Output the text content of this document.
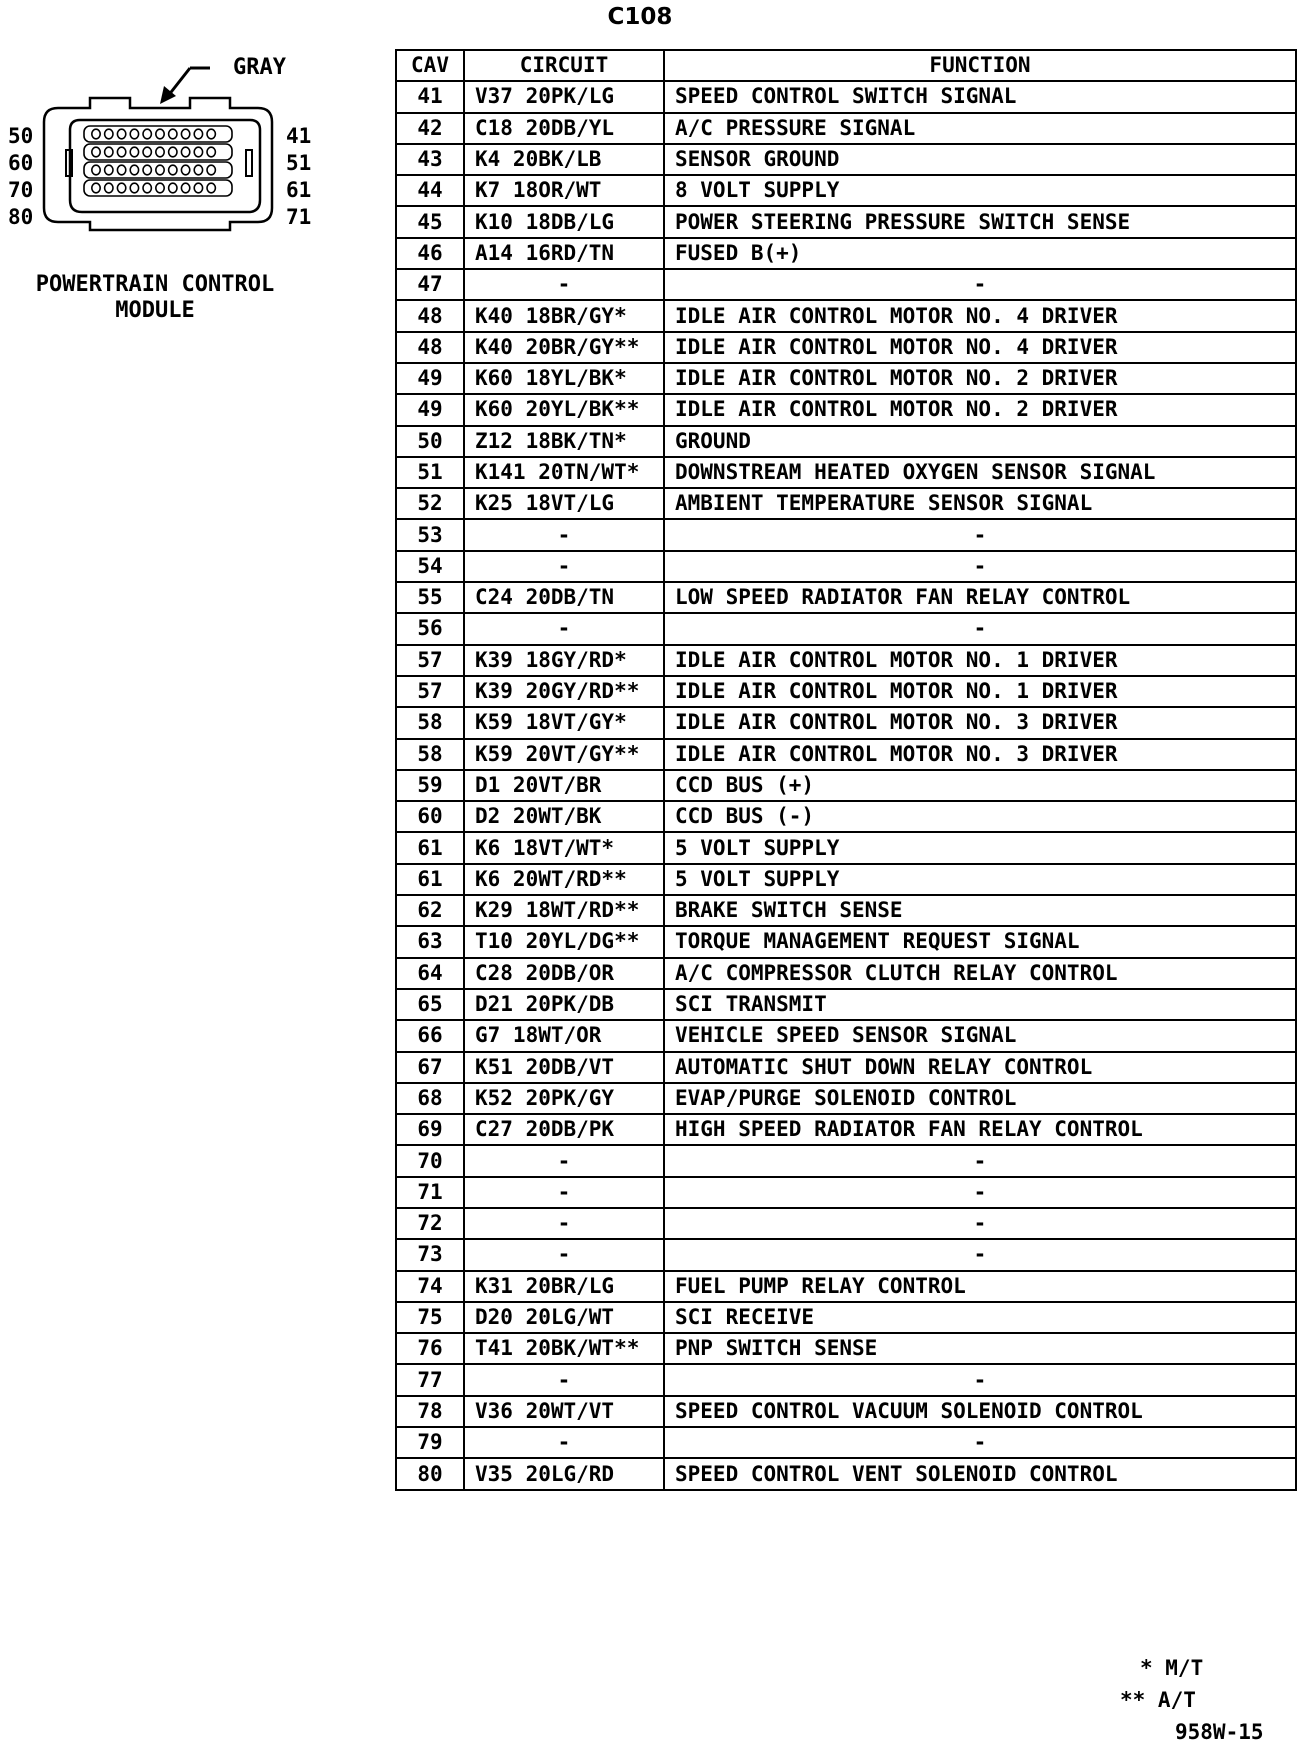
C108
GRAY
50
60
70
80
41
51
61
71
POWERTRAIN CONTROL
MODULE
CAV	CIRCUIT	FUNCTION
41	V37 20PK/LG	SPEED CONTROL SWITCH SIGNAL
42	C18 20DB/YL	A/C PRESSURE SIGNAL
43	K4 20BK/LB	SENSOR GROUND
44	K7 18OR/WT	8 VOLT SUPPLY
45	K10 18DB/LG	POWER STEERING PRESSURE SWITCH SENSE
46	A14 16RD/TN	FUSED B(+)
47	-	-
48	K40 18BR/GY*	IDLE AIR CONTROL MOTOR NO. 4 DRIVER
48	K40 20BR/GY**	IDLE AIR CONTROL MOTOR NO. 4 DRIVER
49	K60 18YL/BK*	IDLE AIR CONTROL MOTOR NO. 2 DRIVER
49	K60 20YL/BK**	IDLE AIR CONTROL MOTOR NO. 2 DRIVER
50	Z12 18BK/TN*	GROUND
51	K141 20TN/WT*	DOWNSTREAM HEATED OXYGEN SENSOR SIGNAL
52	K25 18VT/LG	AMBIENT TEMPERATURE SENSOR SIGNAL
53	-	-
54	-	-
55	C24 20DB/TN	LOW SPEED RADIATOR FAN RELAY CONTROL
56	-	-
57	K39 18GY/RD*	IDLE AIR CONTROL MOTOR NO. 1 DRIVER
57	K39 20GY/RD**	IDLE AIR CONTROL MOTOR NO. 1 DRIVER
58	K59 18VT/GY*	IDLE AIR CONTROL MOTOR NO. 3 DRIVER
58	K59 20VT/GY**	IDLE AIR CONTROL MOTOR NO. 3 DRIVER
59	D1 20VT/BR	CCD BUS (+)
60	D2 20WT/BK	CCD BUS (-)
61	K6 18VT/WT*	5 VOLT SUPPLY
61	K6 20WT/RD**	5 VOLT SUPPLY
62	K29 18WT/RD**	BRAKE SWITCH SENSE
63	T10 20YL/DG**	TORQUE MANAGEMENT REQUEST SIGNAL
64	C28 20DB/OR	A/C COMPRESSOR CLUTCH RELAY CONTROL
65	D21 20PK/DB	SCI TRANSMIT
66	G7 18WT/OR	VEHICLE SPEED SENSOR SIGNAL
67	K51 20DB/VT	AUTOMATIC SHUT DOWN RELAY CONTROL
68	K52 20PK/GY	EVAP/PURGE SOLENOID CONTROL
69	C27 20DB/PK	HIGH SPEED RADIATOR FAN RELAY CONTROL
70	-	-
71	-	-
72	-	-
73	-	-
74	K31 20BR/LG	FUEL PUMP RELAY CONTROL
75	D20 20LG/WT	SCI RECEIVE
76	T41 20BK/WT**	PNP SWITCH SENSE
77	-	-
78	V36 20WT/VT	SPEED CONTROL VACUUM SOLENOID CONTROL
79	-	-
80	V35 20LG/RD	SPEED CONTROL VENT SOLENOID CONTROL
* M/T
** A/T
958W-15
